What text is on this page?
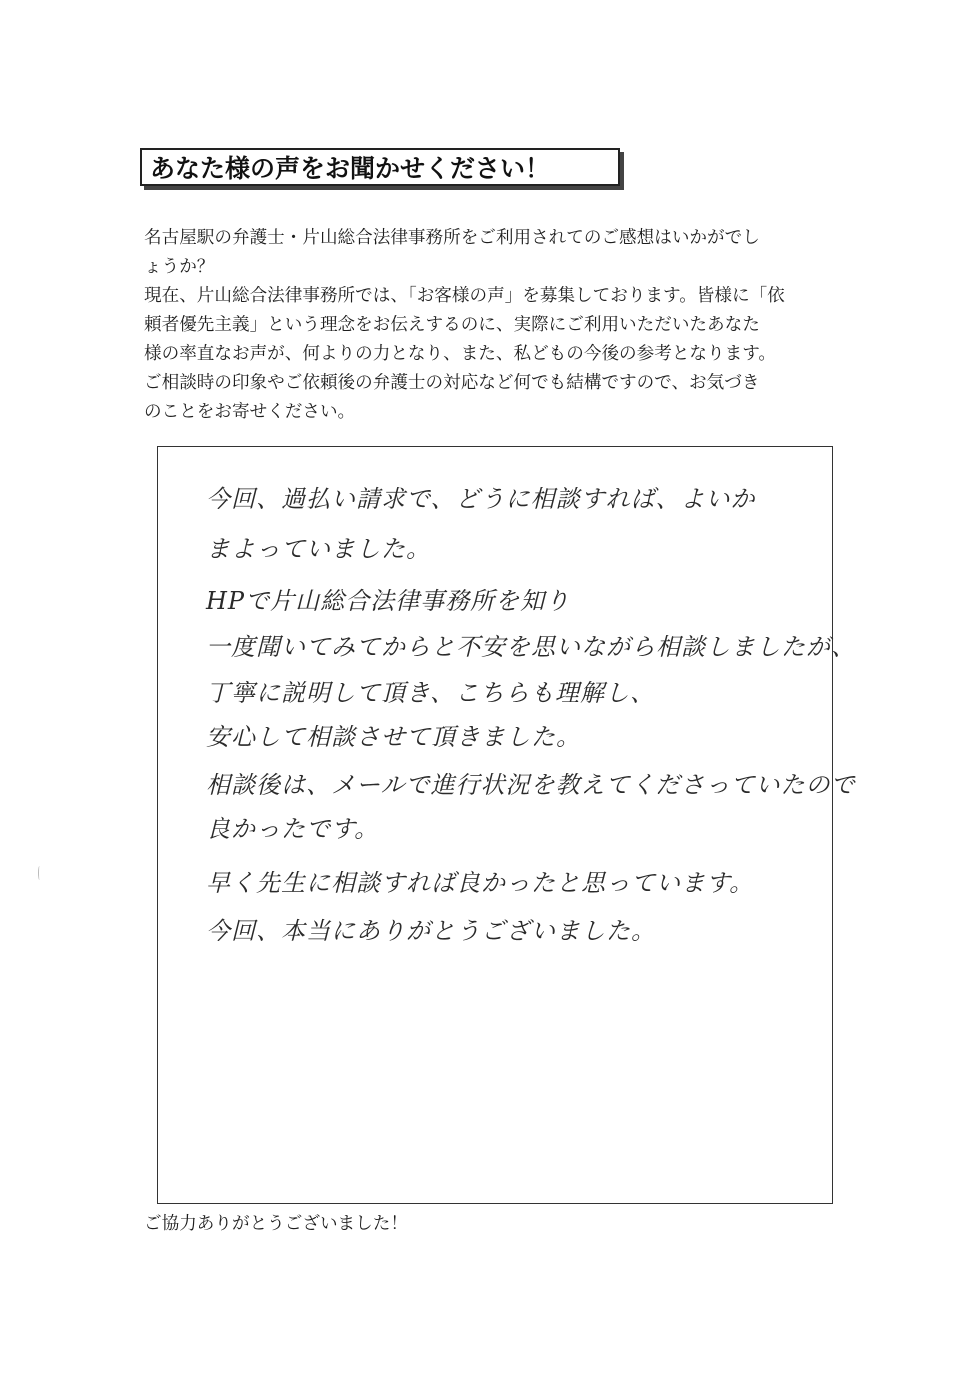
あなた様の声をお聞かせください！

名古屋駅の弁護士・片山総合法律事務所をご利用されてのご感想はいかがでし

ょうか？

現在、片山総合法律事務所では、「お客様の声」を募集しております。皆様に「依

頼者優先主義」という理念をお伝えするのに、実際にご利用いただいたあなた

様の率直なお声が、何よりの力となり、また、私どもの今後の参考となります。

ご相談時の印象やご依頼後の弁護士の対応など何でも結構ですので、お気づき

のことをお寄せください。

今回、過払い請求で、どうに相談すれば、よいか
まよっていました。
HPで片山総合法律事務所を知り
一度聞いてみてからと不安を思いながら相談しましたが、
丁寧に説明して頂き、こちらも理解し、
安心して相談させて頂きました。
相談後は、メールで進行状況を教えてくださっていたので
良かったです。
早く先生に相談すれば良かったと思っています。
今回、本当にありがとうございました。
ご協力ありがとうございました！
